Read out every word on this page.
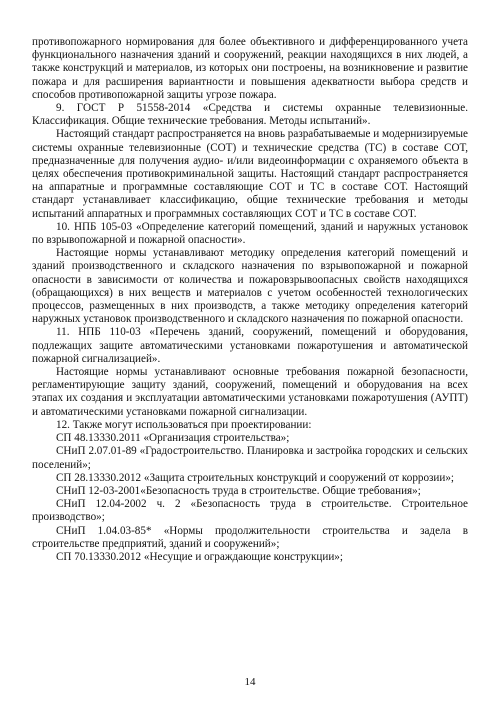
противопожарного нормирования для более объективного и дифференцированного учета функционального назначения зданий и сооружений, реакции находящихся в них людей, а также конструкций и материалов, из которых они построены, на возникновение и развитие пожара и для расширения вариантности и повышения адекватности выбора средств и способов противопожарной защиты угрозе пожара.

9. ГОСТ Р 51558-2014 «Средства и системы охранные телевизионные. Классификация. Общие технические требования. Методы испытаний».

Настоящий стандарт распространяется на вновь разрабатываемые и модернизируемые системы охранные телевизионные (СОТ) и технические средства (ТС) в составе СОТ, предназначенные для получения аудио- и/или видеоинформации с охраняемого объекта в целях обеспечения противокриминальной защиты. Настоящий стандарт распространяется на аппаратные и программные составляющие СОТ и ТС в составе СОТ. Настоящий стандарт устанавливает классификацию, общие технические требования и методы испытаний аппаратных и программных составляющих СОТ и ТС в составе СОТ.

10. НПБ 105-03 «Определение категорий помещений, зданий и наружных установок по взрывопожарной и пожарной опасности».

Настоящие нормы устанавливают методику определения категорий помещений и зданий производственного и складского назначения по взрывопожарной и пожарной опасности в зависимости от количества и пожаровзрывоопасных свойств находящихся (обращающихся) в них веществ и материалов с учетом особенностей технологических процессов, размещенных в них производств, а также методику определения категорий наружных установок производственного и складского назначения по пожарной опасности.

11. НПБ 110-03 «Перечень зданий, сооружений, помещений и оборудования, подлежащих защите автоматическими установками пожаротушения и автоматической пожарной сигнализацией».

Настоящие нормы устанавливают основные требования пожарной безопасности, регламентирующие защиту зданий, сооружений, помещений и оборудования на всех этапах их создания и эксплуатации автоматическими установками пожаротушения (АУПТ) и автоматическими установками пожарной сигнализации.

12. Также могут использоваться при проектировании:

СП 48.13330.2011 «Организация строительства»;

СНиП 2.07.01-89 «Градостроительство. Планировка и застройка городских и сельских поселений»;

СП 28.13330.2012 «Защита строительных конструкций и сооружений от коррозии»;

СНиП 12-03-2001«Безопасность труда в строительстве. Общие требования»;

СНиП 12.04-2002 ч. 2 «Безопасность труда в строительстве. Строительное производство»;

СНиП 1.04.03-85* «Нормы продолжительности строительства и задела в строительстве предприятий, зданий и сооружений»;

СП 70.13330.2012 «Несущие и ограждающие конструкции»;

14
